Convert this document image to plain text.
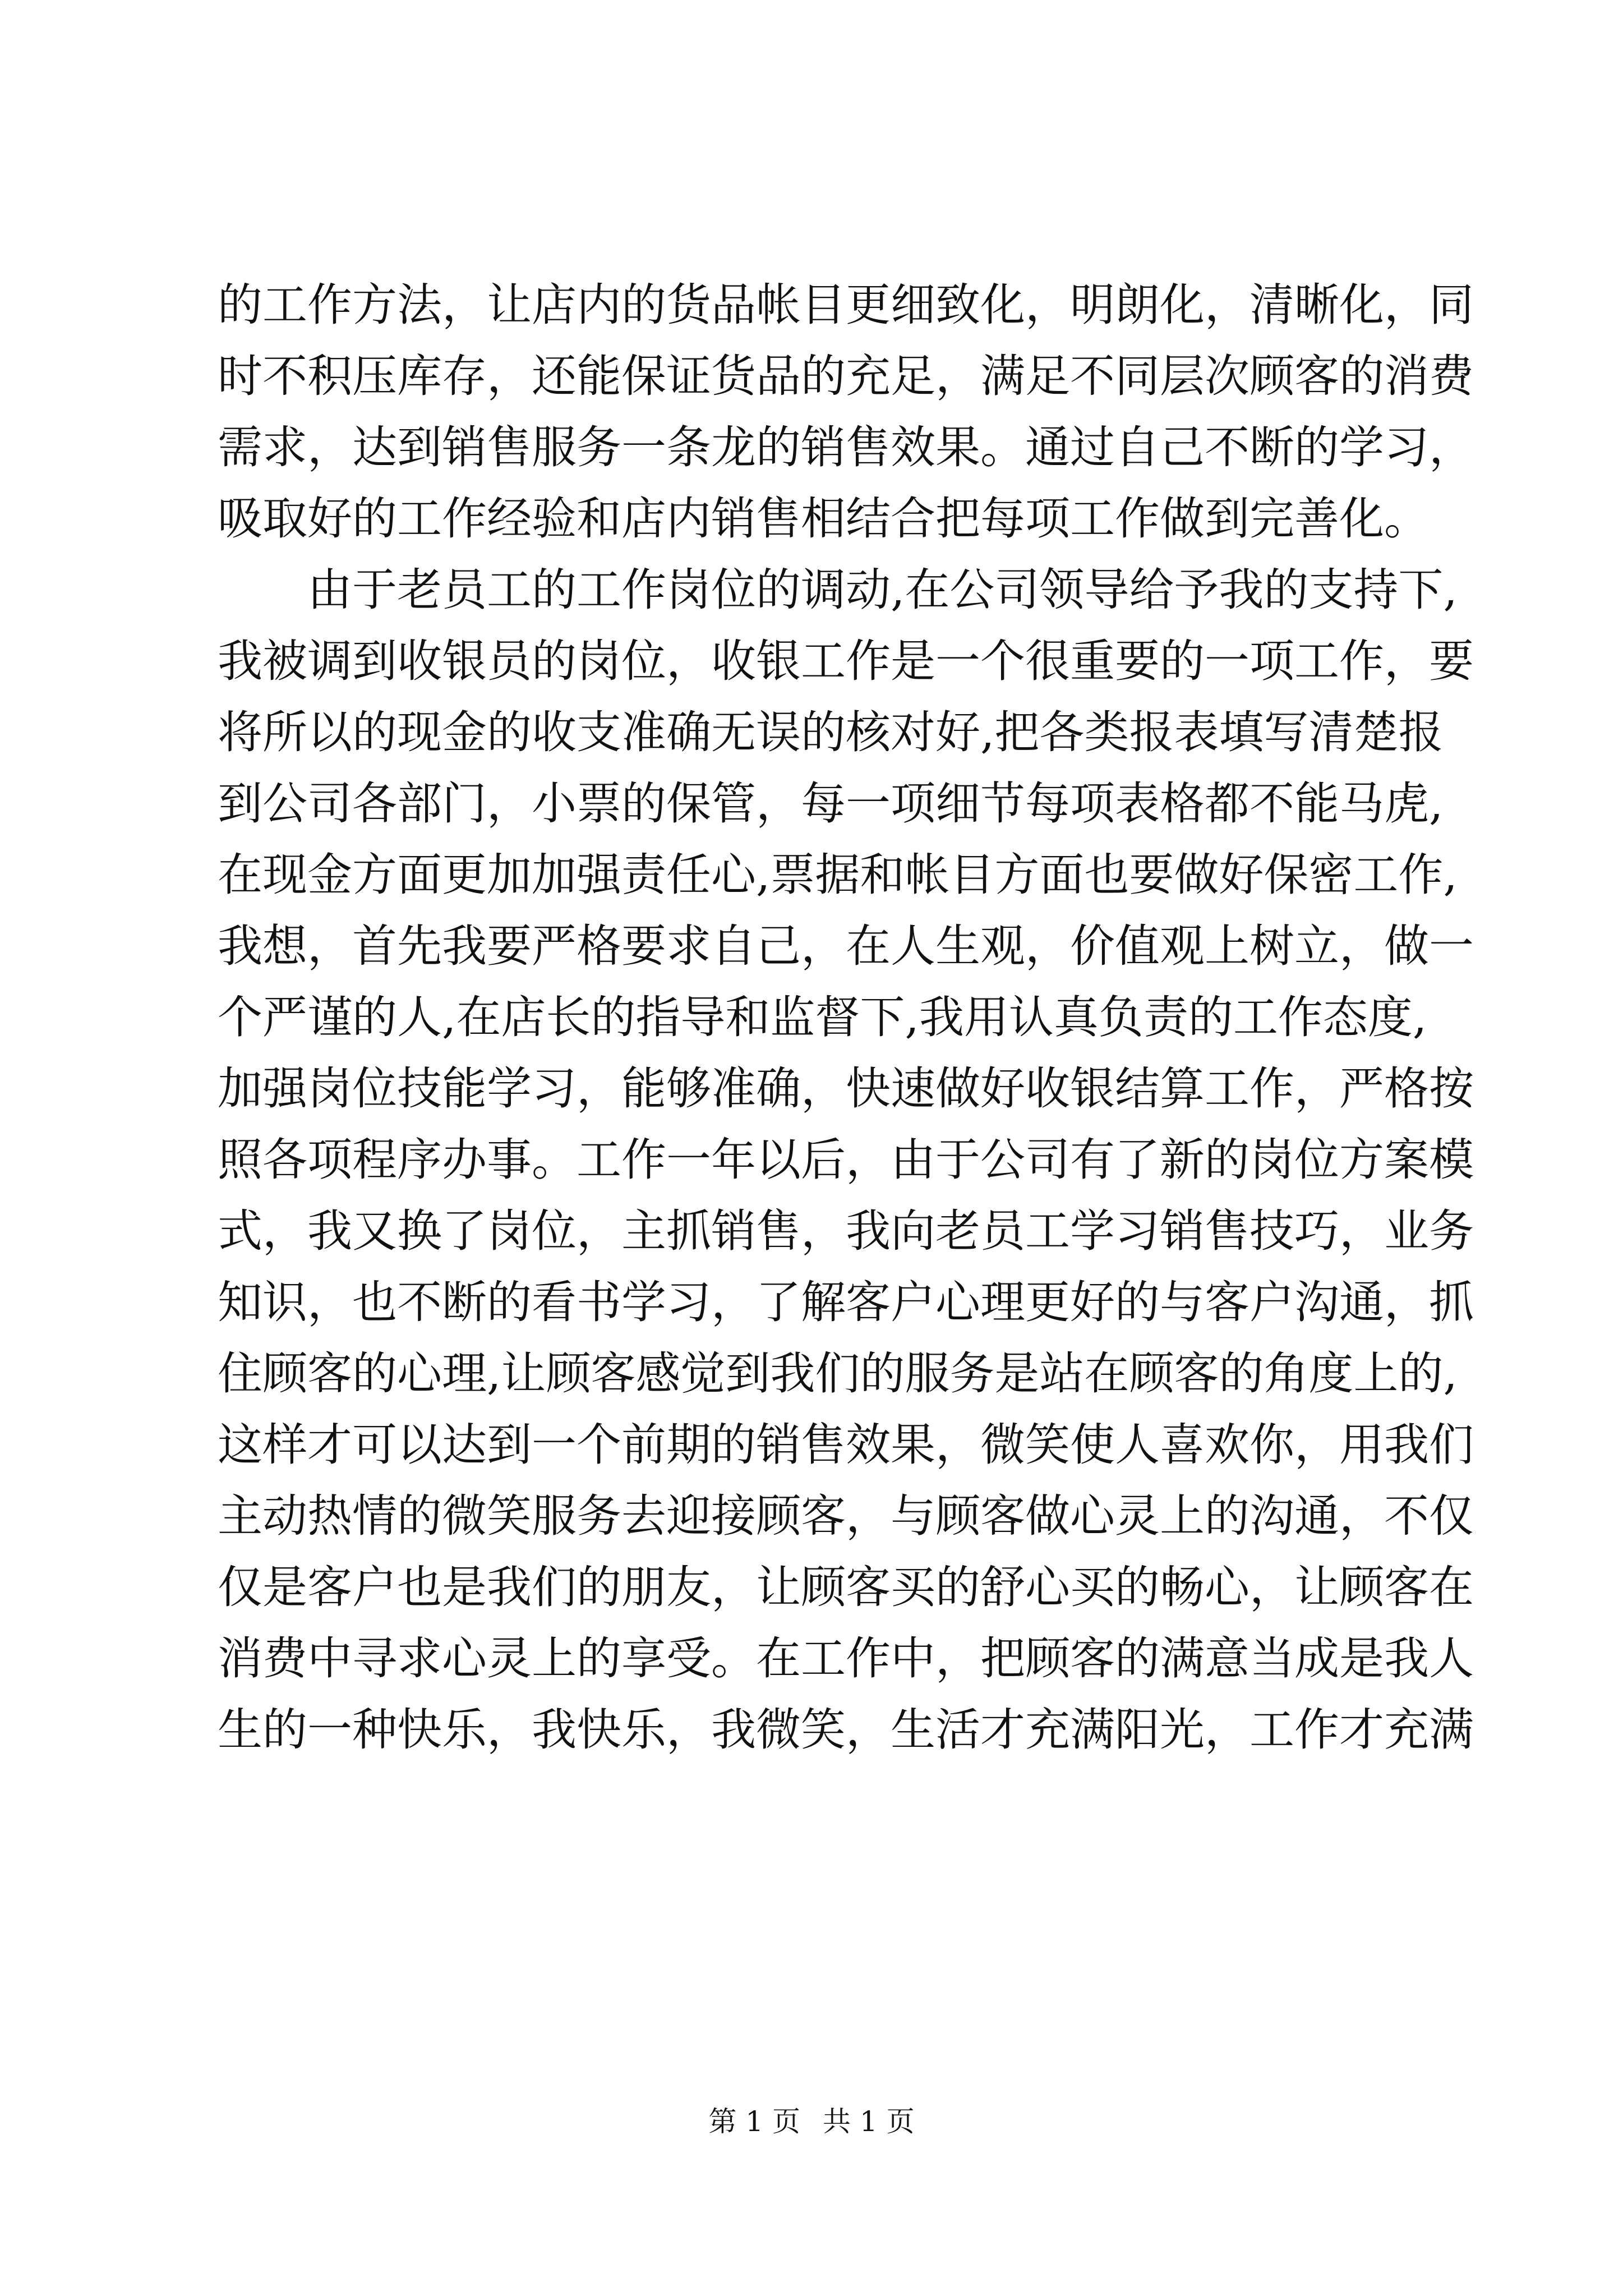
的工作方法，让店内的货品帐目更细致化，明朗化，清晰化，同
时不积压库存，还能保证货品的充足，满足不同层次顾客的消费
需求，达到销售服务一条龙的销售效果。通过自己不断的学习，
吸取好的工作经验和店内销售相结合把每项工作做到完善化。
由于老员工的工作岗位的调动,在公司领导给予我的支持下,
我被调到收银员的岗位，收银工作是一个很重要的一项工作，要
将所以的现金的收支准确无误的核对好,把各类报表填写清楚报
到公司各部门，小票的保管，每一项细节每项表格都不能马虎,
在现金方面更加加强责任心,票据和帐目方面也要做好保密工作,
我想，首先我要严格要求自己，在人生观，价值观上树立，做一
个严谨的人,在店长的指导和监督下,我用认真负责的工作态度,
加强岗位技能学习，能够准确，快速做好收银结算工作，严格按
照各项程序办事。工作一年以后，由于公司有了新的岗位方案模
式，我又换了岗位，主抓销售，我向老员工学习销售技巧，业务
知识，也不断的看书学习，了解客户心理更好的与客户沟通，抓
住顾客的心理,让顾客感觉到我们的服务是站在顾客的角度上的,
这样才可以达到一个前期的销售效果，微笑使人喜欢你，用我们
主动热情的微笑服务去迎接顾客，与顾客做心灵上的沟通，不仅
仅是客户也是我们的朋友，让顾客买的舒心买的畅心，让顾客在
消费中寻求心灵上的享受。在工作中，把顾客的满意当成是我人
生的一种快乐，我快乐，我微笑，生活才充满阳光，工作才充满
第 1 页 共 1 页
